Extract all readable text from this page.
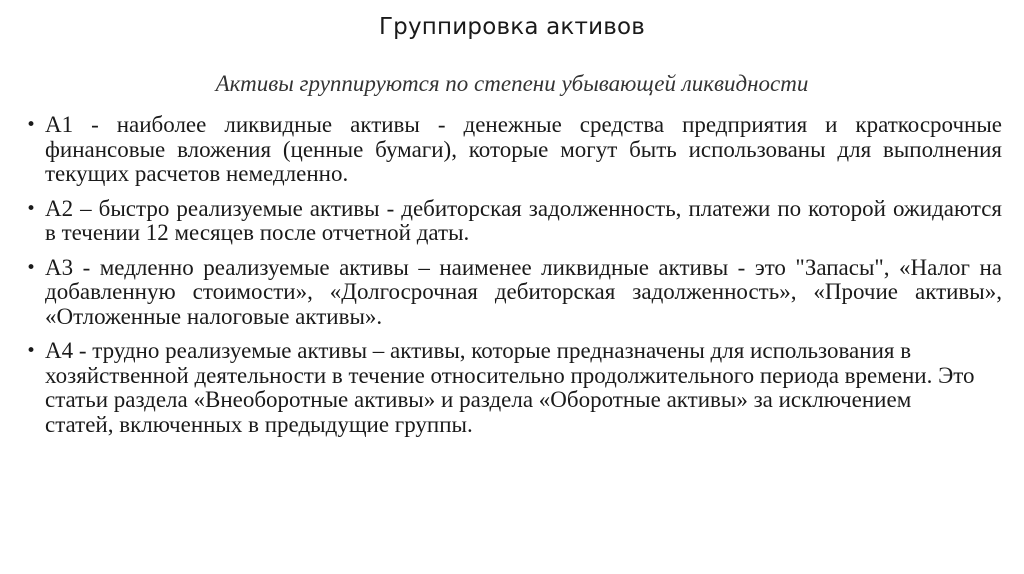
Группировка активов
Активы группируются по степени убывающей ликвидности
• А1 - наиболее ликвидные активы - денежные средства предприятия и краткосрочные финансовые вложения (ценные бумаги), которые могут быть использованы для выполнения текущих расчетов немедленно.
• А2 – быстро реализуемые активы - дебиторская задолженность, платежи по которой ожидаются в течении 12 месяцев после отчетной даты.
• А3 - медленно реализуемые активы – наименее ликвидные активы - это "Запасы", «Налог на добавленную стоимости», «Долгосрочная дебиторская задолженность», «Прочие активы», «Отложенные налоговые активы».
• А4 - трудно реализуемые активы – активы, которые предназначены для использования в хозяйственной деятельности в течение относительно продолжительного периода времени. Это статьи раздела «Внеоборотные активы» и раздела «Оборотные активы» за исключением статей, включенных в предыдущие группы.
